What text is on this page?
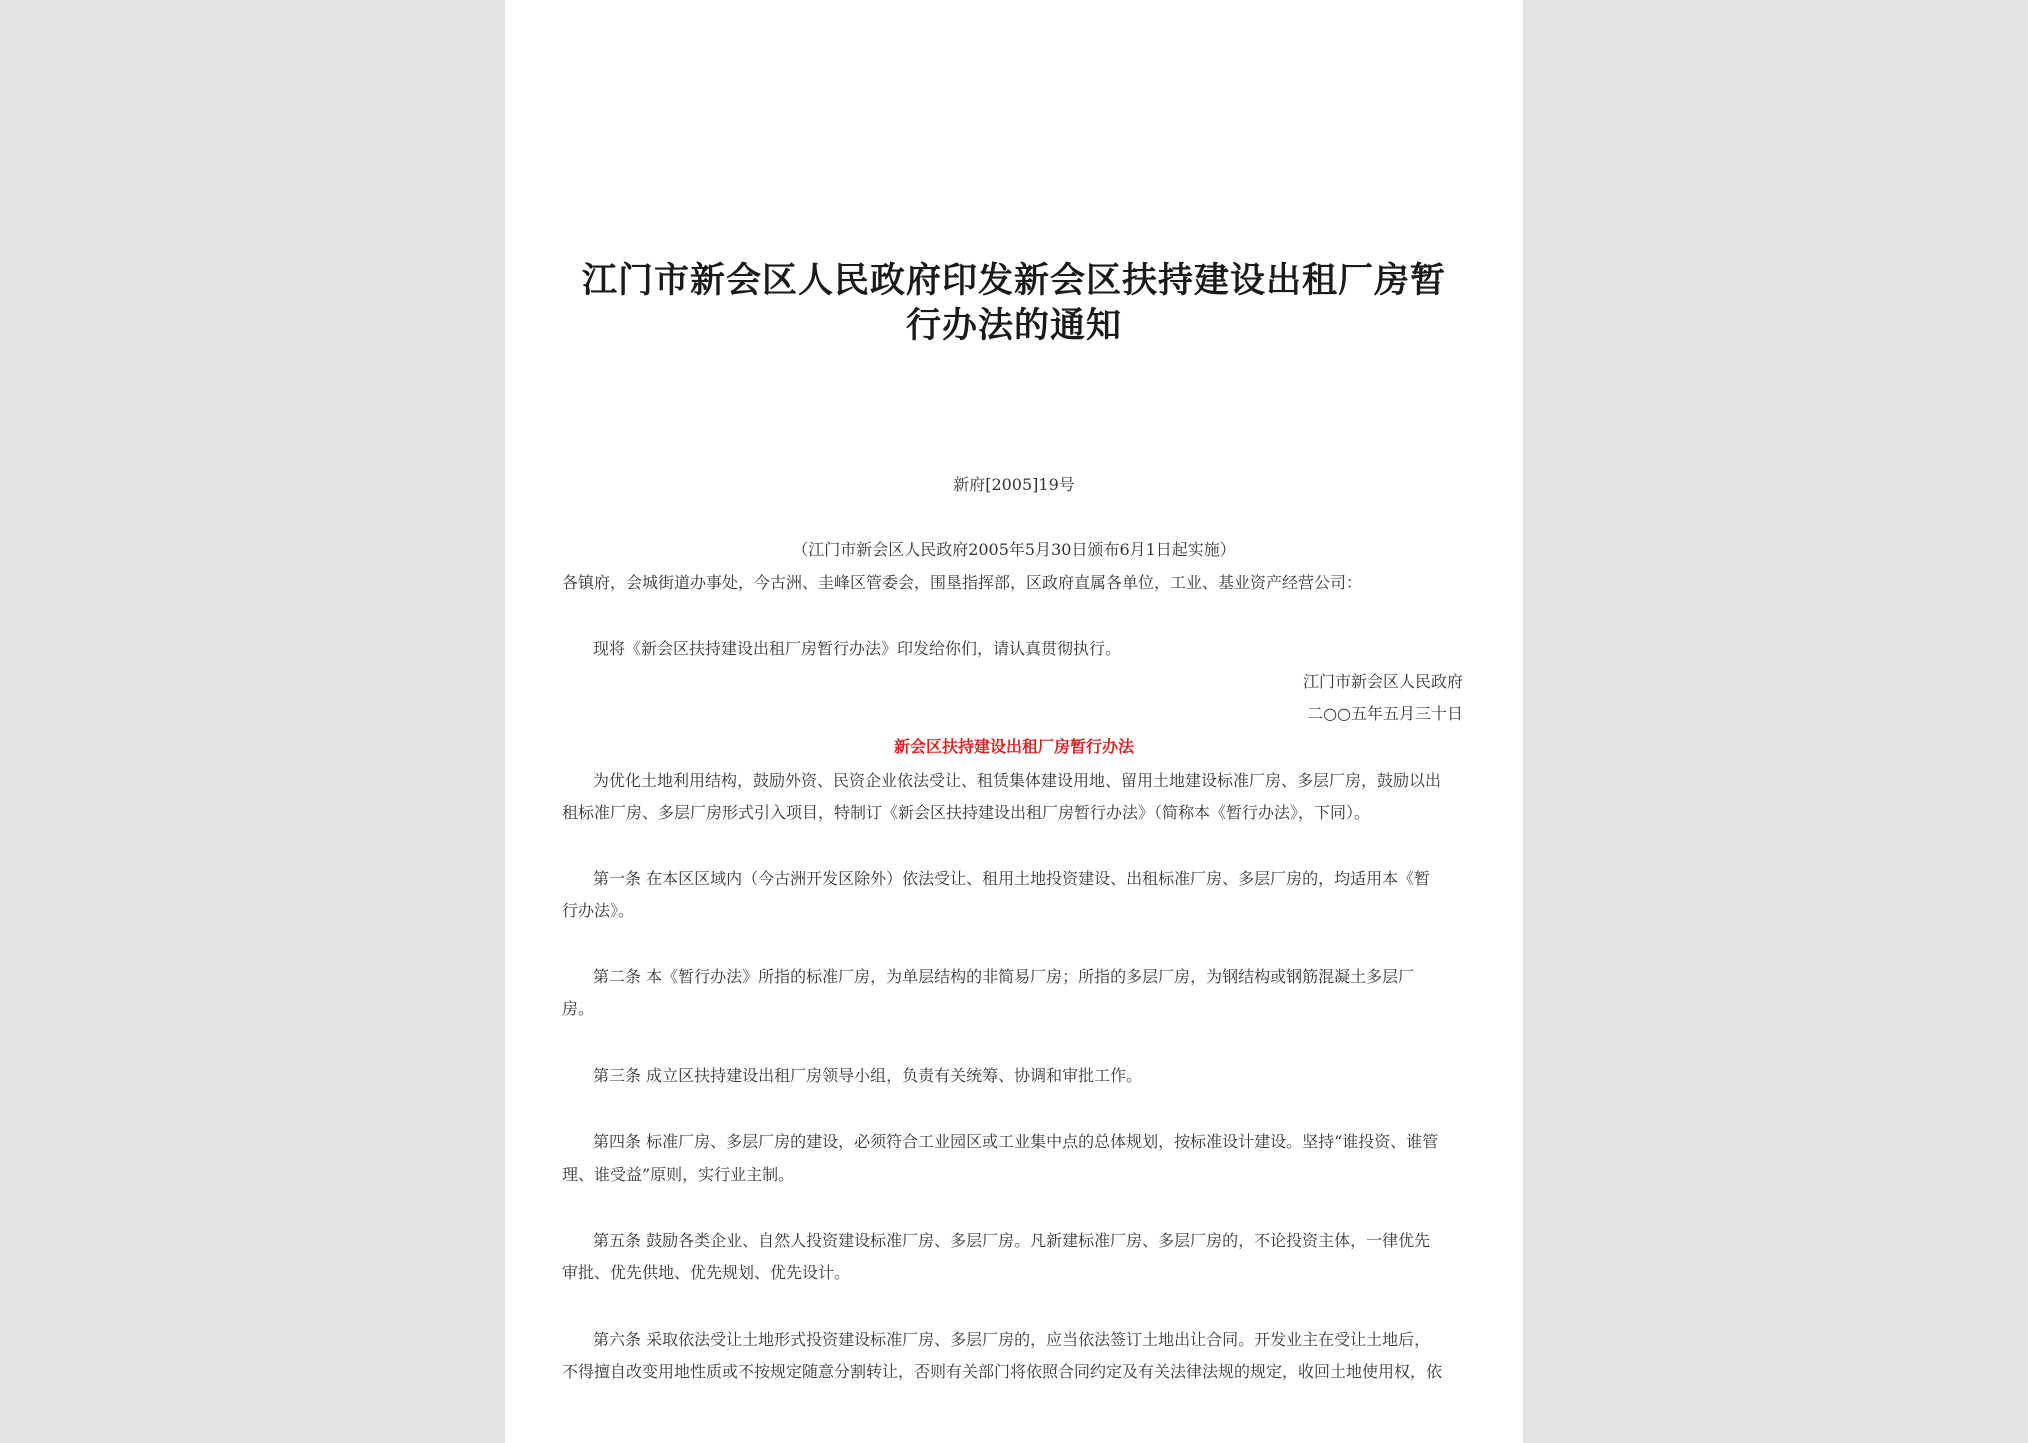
江门市新会区人民政府印发新会区扶持建设出租厂房暂
行办法的通知
新府[2005]19号
（江门市新会区人民政府2005年5月30日颁布6月1日起实施）
各镇府，会城街道办事处，今古洲、圭峰区管委会，围垦指挥部，区政府直属各单位，工业、基业资产经营公司：
现将《新会区扶持建设出租厂房暂行办法》印发给你们，请认真贯彻执行。
江门市新会区人民政府
二○○五年五月三十日
新会区扶持建设出租厂房暂行办法
为优化土地利用结构，鼓励外资、民资企业依法受让、租赁集体建设用地、留用土地建设标准厂房、多层厂房，鼓励以出
租标准厂房、多层厂房形式引入项目，特制订《新会区扶持建设出租厂房暂行办法》（简称本《暂行办法》，下同）。
第一条 在本区区域内（今古洲开发区除外）依法受让、租用土地投资建设、出租标准厂房、多层厂房的，均适用本《暂
行办法》。
第二条 本《暂行办法》所指的标准厂房，为单层结构的非简易厂房；所指的多层厂房，为钢结构或钢筋混凝土多层厂
房。
第三条 成立区扶持建设出租厂房领导小组，负责有关统筹、协调和审批工作。
第四条 标准厂房、多层厂房的建设，必须符合工业园区或工业集中点的总体规划，按标准设计建设。坚持“谁投资、谁管
理、谁受益”原则，实行业主制。
第五条 鼓励各类企业、自然人投资建设标准厂房、多层厂房。凡新建标准厂房、多层厂房的，不论投资主体，一律优先
审批、优先供地、优先规划、优先设计。
第六条 采取依法受让土地形式投资建设标准厂房、多层厂房的，应当依法签订土地出让合同。开发业主在受让土地后，
不得擅自改变用地性质或不按规定随意分割转让，否则有关部门将依照合同约定及有关法律法规的规定，收回土地使用权，依
